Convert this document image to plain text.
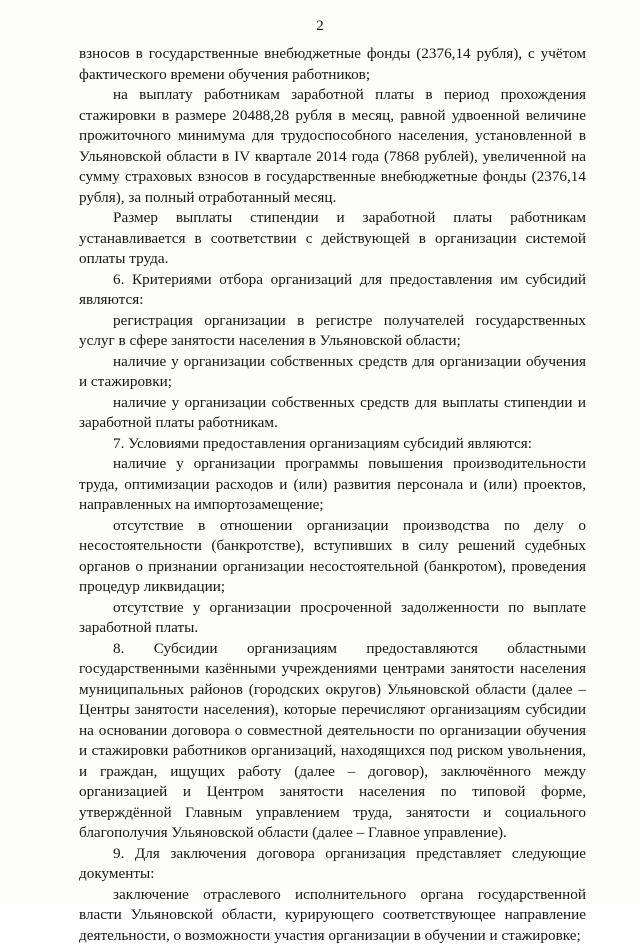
2

взносов в государственные внебюджетные фонды (2376,14 рубля), с учётом фактического времени обучения работников;

на выплату работникам заработной платы в период прохождения стажировки в размере 20488,28 рубля в месяц, равной удвоенной величине прожиточного минимума для трудоспособного населения, установленной в Ульяновской области в IV квартале 2014 года (7868 рублей), увеличенной на сумму страховых взносов в государственные внебюджетные фонды (2376,14 рубля), за полный отработанный месяц.

Размер выплаты стипендии и заработной платы работникам устанавливается в соответствии с действующей в организации системой оплаты труда.

6. Критериями отбора организаций для предоставления им субсидий являются:

регистрация организации в регистре получателей государственных услуг в сфере занятости населения в Ульяновской области;

наличие у организации собственных средств для организации обучения и стажировки;

наличие у организации собственных средств для выплаты стипендии и заработной платы работникам.

7. Условиями предоставления организациям субсидий являются:

наличие у организации программы повышения производительности труда, оптимизации расходов и (или) развития персонала и (или) проектов, направленных на импортозамещение;

отсутствие в отношении организации производства по делу о несостоятельности (банкротстве), вступивших в силу решений судебных органов о признании организации несостоятельной (банкротом), проведения процедур ликвидации;

отсутствие у организации просроченной задолженности по выплате заработной платы.

8. Субсидии организациям предоставляются областными государственными казёнными учреждениями центрами занятости населения муниципальных районов (городских округов) Ульяновской области (далее – Центры занятости населения), которые перечисляют организациям субсидии на основании договора о совместной деятельности по организации обучения и стажировки работников организаций, находящихся под риском увольнения, и граждан, ищущих работу (далее – договор), заключённого между организацией и Центром занятости населения по типовой форме, утверждённой Главным управлением труда, занятости и социального благополучия Ульяновской области (далее – Главное управление).

9. Для заключения договора организация представляет следующие документы:

заключение отраслевого исполнительного органа государственной власти Ульяновской области, курирующего соответствующее направление деятельности, о возможности участия организации в обучении и стажировке;
